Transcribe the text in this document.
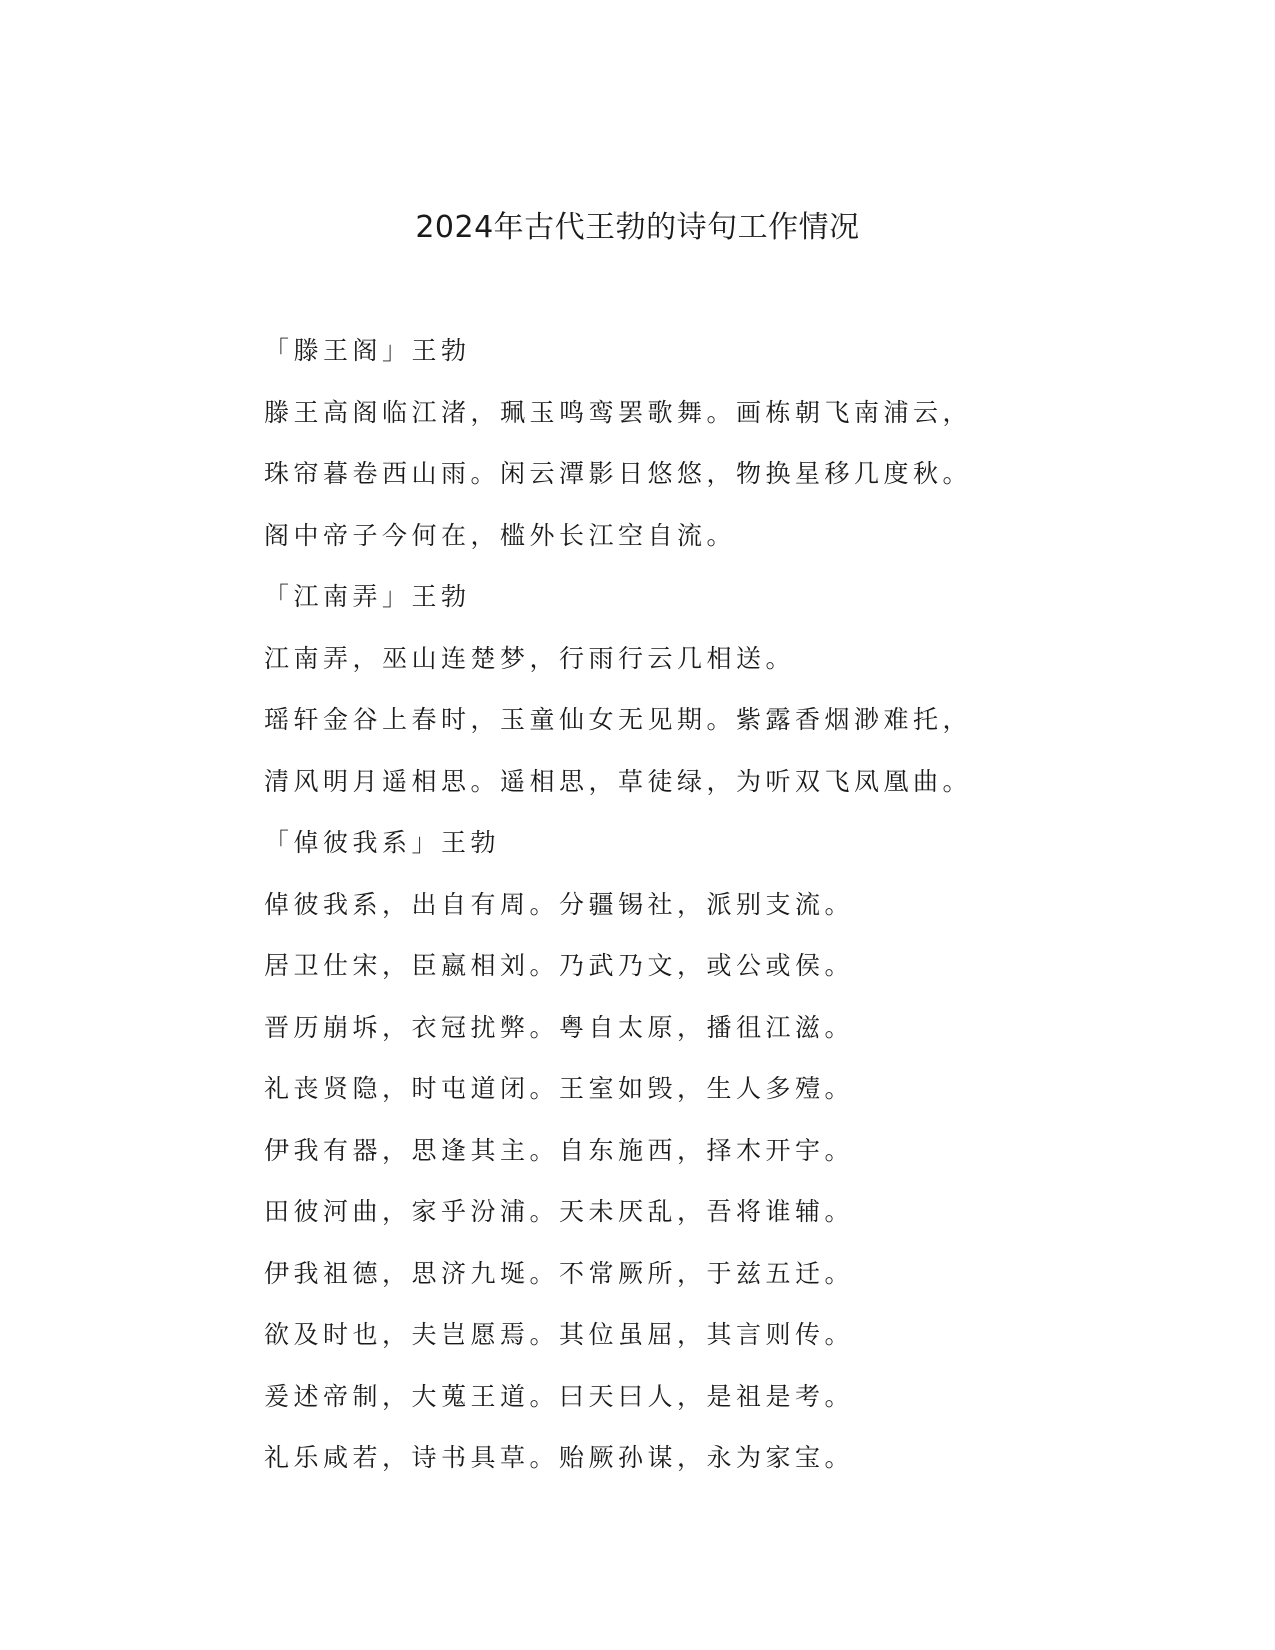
2024年古代王勃的诗句工作情况
「滕王阁」王勃
滕王高阁临江渚，珮玉鸣鸾罢歌舞。画栋朝飞南浦云，
珠帘暮卷西山雨。闲云潭影日悠悠，物换星移几度秋。
阁中帝子今何在，槛外长江空自流。
「江南弄」王勃
江南弄，巫山连楚梦，行雨行云几相送。
瑶轩金谷上春时，玉童仙女无见期。紫露香烟渺难托，
清风明月遥相思。遥相思，草徒绿，为听双飞凤凰曲。
「倬彼我系」王勃
倬彼我系，出自有周。分疆锡社，派别支流。
居卫仕宋，臣嬴相刘。乃武乃文，或公或侯。
晋历崩坼，衣冠扰弊。粤自太原，播徂江滋。
礼丧贤隐，时屯道闭。王室如毁，生人多殪。
伊我有器，思逢其主。自东施西，择木开宇。
田彼河曲，家乎汾浦。天未厌乱，吾将谁辅。
伊我祖德，思济九埏。不常厥所，于兹五迁。
欲及时也，夫岂愿焉。其位虽屈，其言则传。
爰述帝制，大蒐王道。曰天曰人，是祖是考。
礼乐咸若，诗书具草。贻厥孙谋，永为家宝。
